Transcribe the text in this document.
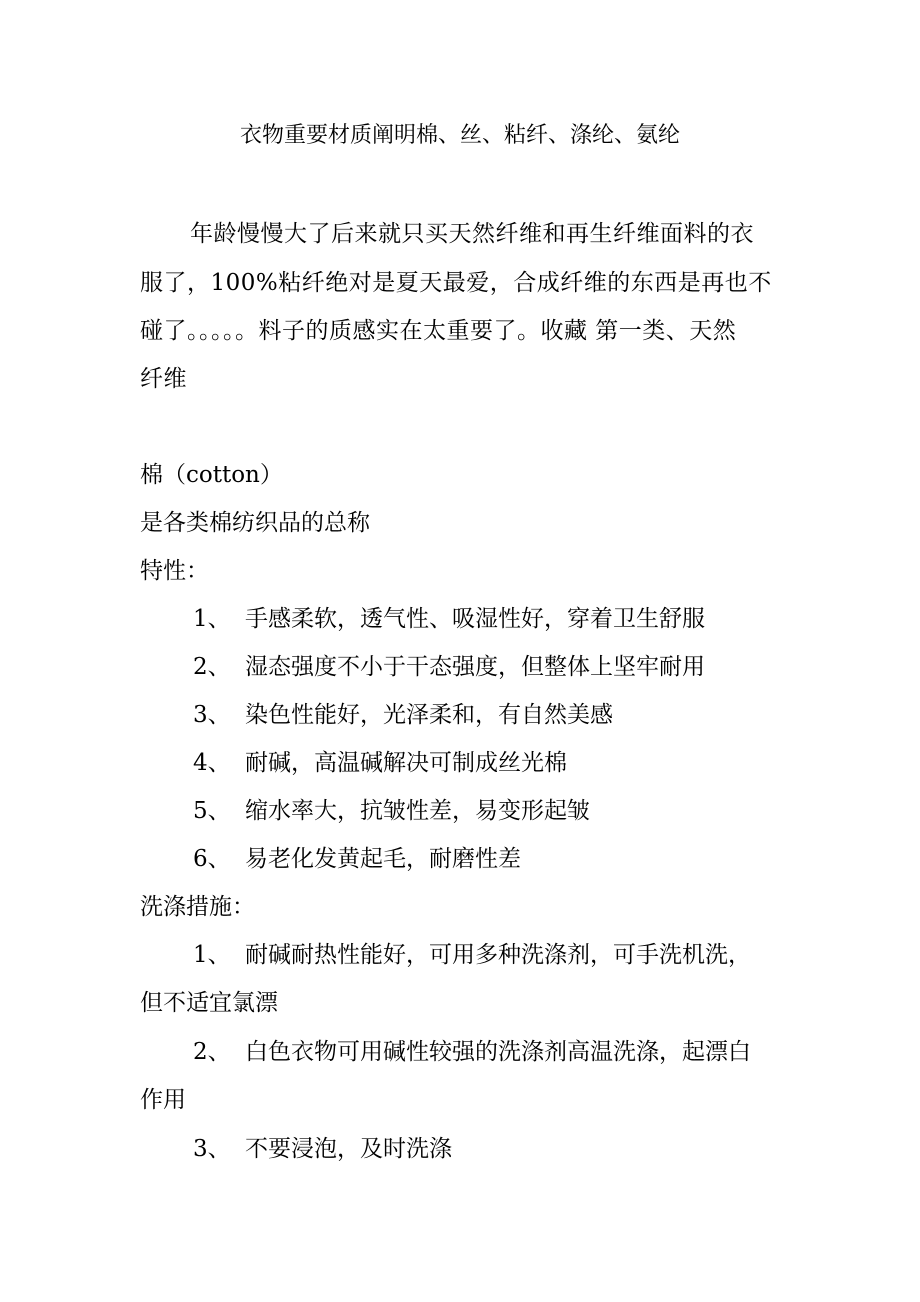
衣物重要材质阐明棉、丝、粘纤、涤纶、氨纶
年龄慢慢大了后来就只买天然纤维和再生纤维面料的衣
服了，100%粘纤绝对是夏天最爱，合成纤维的东西是再也不
碰了。。。。。料子的质感实在太重要了。收藏 第一类、天然
纤维
棉（cotton）
是各类棉纺织品的总称
特性：
1、 手感柔软，透气性、吸湿性好，穿着卫生舒服
2、 湿态强度不小于干态强度，但整体上坚牢耐用
3、 染色性能好，光泽柔和，有自然美感
4、 耐碱，高温碱解决可制成丝光棉
5、 缩水率大，抗皱性差，易变形起皱
6、 易老化发黄起毛，耐磨性差
洗涤措施：
1、 耐碱耐热性能好，可用多种洗涤剂，可手洗机洗，
但不适宜氯漂
2、 白色衣物可用碱性较强的洗涤剂高温洗涤，起漂白
作用
3、 不要浸泡，及时洗涤
